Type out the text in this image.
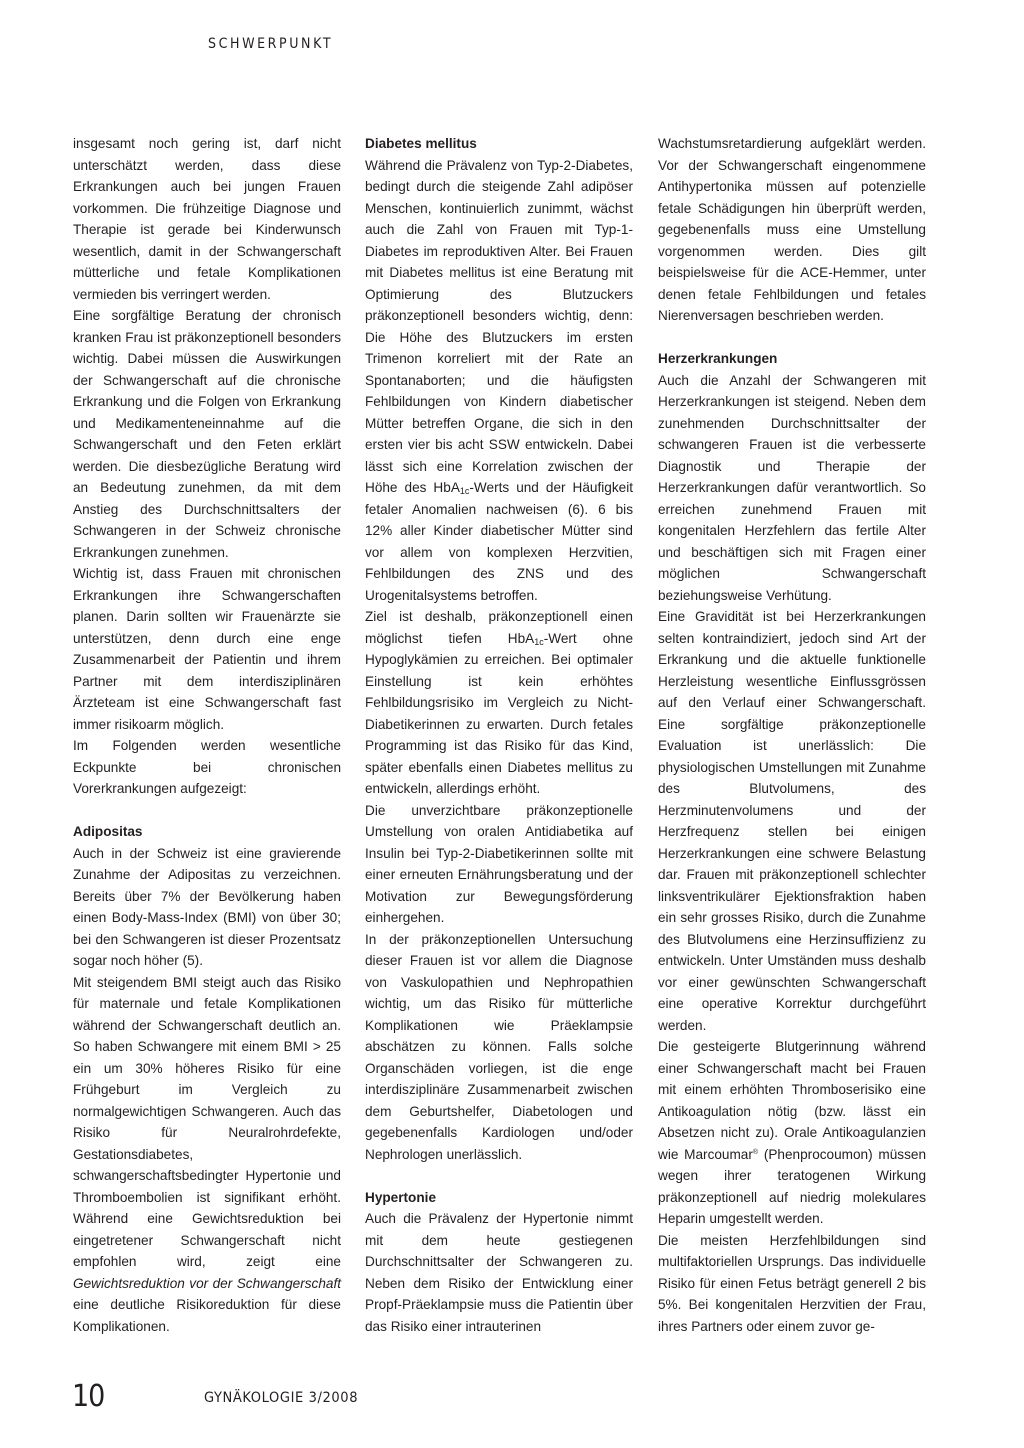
SCHWERPUNKT

insgesamt noch gering ist, darf nicht unterschätzt werden, dass diese Erkrankungen auch bei jungen Frauen vorkommen. Die frühzeitige Diagnose und Therapie ist gerade bei Kinderwunsch wesentlich, damit in der Schwangerschaft mütterliche und fetale Komplikationen vermieden bis verringert werden.

Eine sorgfältige Beratung der chronisch kranken Frau ist präkonzeptionell besonders wichtig. Dabei müssen die Auswirkungen der Schwangerschaft auf die chronische Erkrankung und die Folgen von Erkrankung und Medikamenteneinnahme auf die Schwangerschaft und den Feten erklärt werden. Die diesbezügliche Beratung wird an Bedeutung zunehmen, da mit dem Anstieg des Durchschnittsalters der Schwangeren in der Schweiz chronische Erkrankungen zunehmen.

Wichtig ist, dass Frauen mit chronischen Erkrankungen ihre Schwangerschaften planen. Darin sollten wir Frauenärzte sie unterstützen, denn durch eine enge Zusammenarbeit der Patientin und ihrem Partner mit dem interdisziplinären Ärzteteam ist eine Schwangerschaft fast immer risikoarm möglich.

Im Folgenden werden wesentliche Eckpunkte bei chronischen Vorerkrankungen aufgezeigt:

Adipositas

Auch in der Schweiz ist eine gravierende Zunahme der Adipositas zu verzeichnen. Bereits über 7% der Bevölkerung haben einen Body-Mass-Index (BMI) von über 30; bei den Schwangeren ist dieser Prozentsatz sogar noch höher (5).

Mit steigendem BMI steigt auch das Risiko für maternale und fetale Komplikationen während der Schwangerschaft deutlich an. So haben Schwangere mit einem BMI > 25 ein um 30% höheres Risiko für eine Frühgeburt im Vergleich zu normalgewichtigen Schwangeren. Auch das Risiko für Neuralrohrdefekte, Gestationsdiabetes, schwangerschaftsbedingter Hypertonie und Thromboembolien ist signifikant erhöht. Während eine Gewichtsreduktion bei eingetretener Schwangerschaft nicht empfohlen wird, zeigt eine Gewichtsreduktion vor der Schwangerschaft eine deutliche Risikoreduktion für diese Komplikationen.

Diabetes mellitus

Während die Prävalenz von Typ-2-Diabetes, bedingt durch die steigende Zahl adipöser Menschen, kontinuierlich zunimmt, wächst auch die Zahl von Frauen mit Typ-1-Diabetes im reproduktiven Alter. Bei Frauen mit Diabetes mellitus ist eine Beratung mit Optimierung des Blutzuckers präkonzeptionell besonders wichtig, denn: Die Höhe des Blutzuckers im ersten Trimenon korreliert mit der Rate an Spontanaborten; und die häufigsten Fehlbildungen von Kindern diabetischer Mütter betreffen Organe, die sich in den ersten vier bis acht SSW entwickeln. Dabei lässt sich eine Korrelation zwischen der Höhe des HbA$_{1c}$-Werts und der Häufigkeit fetaler Anomalien nachweisen (6). 6 bis 12% aller Kinder diabetischer Mütter sind vor allem von komplexen Herzvitien, Fehlbildungen des ZNS und des Urogenitalsystems betroffen.

Ziel ist deshalb, präkonzeptionell einen möglichst tiefen HbA$_{1c}$-Wert ohne Hypoglykämien zu erreichen. Bei optimaler Einstellung ist kein erhöhtes Fehlbildungsrisiko im Vergleich zu Nicht-Diabetikerinnen zu erwarten. Durch fetales Programming ist das Risiko für das Kind, später ebenfalls einen Diabetes mellitus zu entwickeln, allerdings erhöht.

Die unverzichtbare präkonzeptionelle Umstellung von oralen Antidiabetika auf Insulin bei Typ-2-Diabetikerinnen sollte mit einer erneuten Ernährungsberatung und der Motivation zur Bewegungsförderung einhergehen.

In der präkonzeptionellen Untersuchung dieser Frauen ist vor allem die Diagnose von Vaskulopathien und Nephropathien wichtig, um das Risiko für mütterliche Komplikationen wie Präeklampsie abschätzen zu können. Falls solche Organschäden vorliegen, ist die enge interdisziplinäre Zusammenarbeit zwischen dem Geburtshelfer, Diabetologen und gegebenenfalls Kardiologen und/oder Nephrologen unerlässlich.

Hypertonie

Auch die Prävalenz der Hypertonie nimmt mit dem heute gestiegenen Durchschnittsalter der Schwangeren zu. Neben dem Risiko der Entwicklung einer Propf-Präeklampsie muss die Patientin über das Risiko einer intrauterinen

Wachstumsretardierung aufgeklärt werden. Vor der Schwangerschaft eingenommene Antihypertonika müssen auf potenzielle fetale Schädigungen hin überprüft werden, gegebenenfalls muss eine Umstellung vorgenommen werden. Dies gilt beispielsweise für die ACE-Hemmer, unter denen fetale Fehlbildungen und fetales Nierenversagen beschrieben werden.

Herzerkrankungen

Auch die Anzahl der Schwangeren mit Herzerkrankungen ist steigend. Neben dem zunehmenden Durchschnittsalter der schwangeren Frauen ist die verbesserte Diagnostik und Therapie der Herzerkrankungen dafür verantwortlich. So erreichen zunehmend Frauen mit kongenitalen Herzfehlern das fertile Alter und beschäftigen sich mit Fragen einer möglichen Schwangerschaft beziehungsweise Verhütung.

Eine Gravidität ist bei Herzerkrankungen selten kontraindiziert, jedoch sind Art der Erkrankung und die aktuelle funktionelle Herzleistung wesentliche Einflussgrössen auf den Verlauf einer Schwangerschaft. Eine sorgfältige präkonzeptionelle Evaluation ist unerlässlich: Die physiologischen Umstellungen mit Zunahme des Blutvolumens, des Herzminutenvolumens und der Herzfrequenz stellen bei einigen Herzerkrankungen eine schwere Belastung dar. Frauen mit präkonzeptionell schlechter linksventrikulärer Ejektionsfraktion haben ein sehr grosses Risiko, durch die Zunahme des Blutvolumens eine Herzinsuffizienz zu entwickeln. Unter Umständen muss deshalb vor einer gewünschten Schwangerschaft eine operative Korrektur durchgeführt werden.

Die gesteigerte Blutgerinnung während einer Schwangerschaft macht bei Frauen mit einem erhöhten Thromboserisiko eine Antikoagulation nötig (bzw. lässt ein Absetzen nicht zu). Orale Antikoagulanzien wie Marcoumar® (Phenprocoumon) müssen wegen ihrer teratogenen Wirkung präkonzeptionell auf niedrig molekulares Heparin umgestellt werden.

Die meisten Herzfehlbildungen sind multifaktoriellen Ursprungs. Das individuelle Risiko für einen Fetus beträgt generell 2 bis 5%. Bei kongenitalen Herzvitien der Frau, ihres Partners oder einem zuvor ge-

10	GYNÄKOLOGIE 3/2008
